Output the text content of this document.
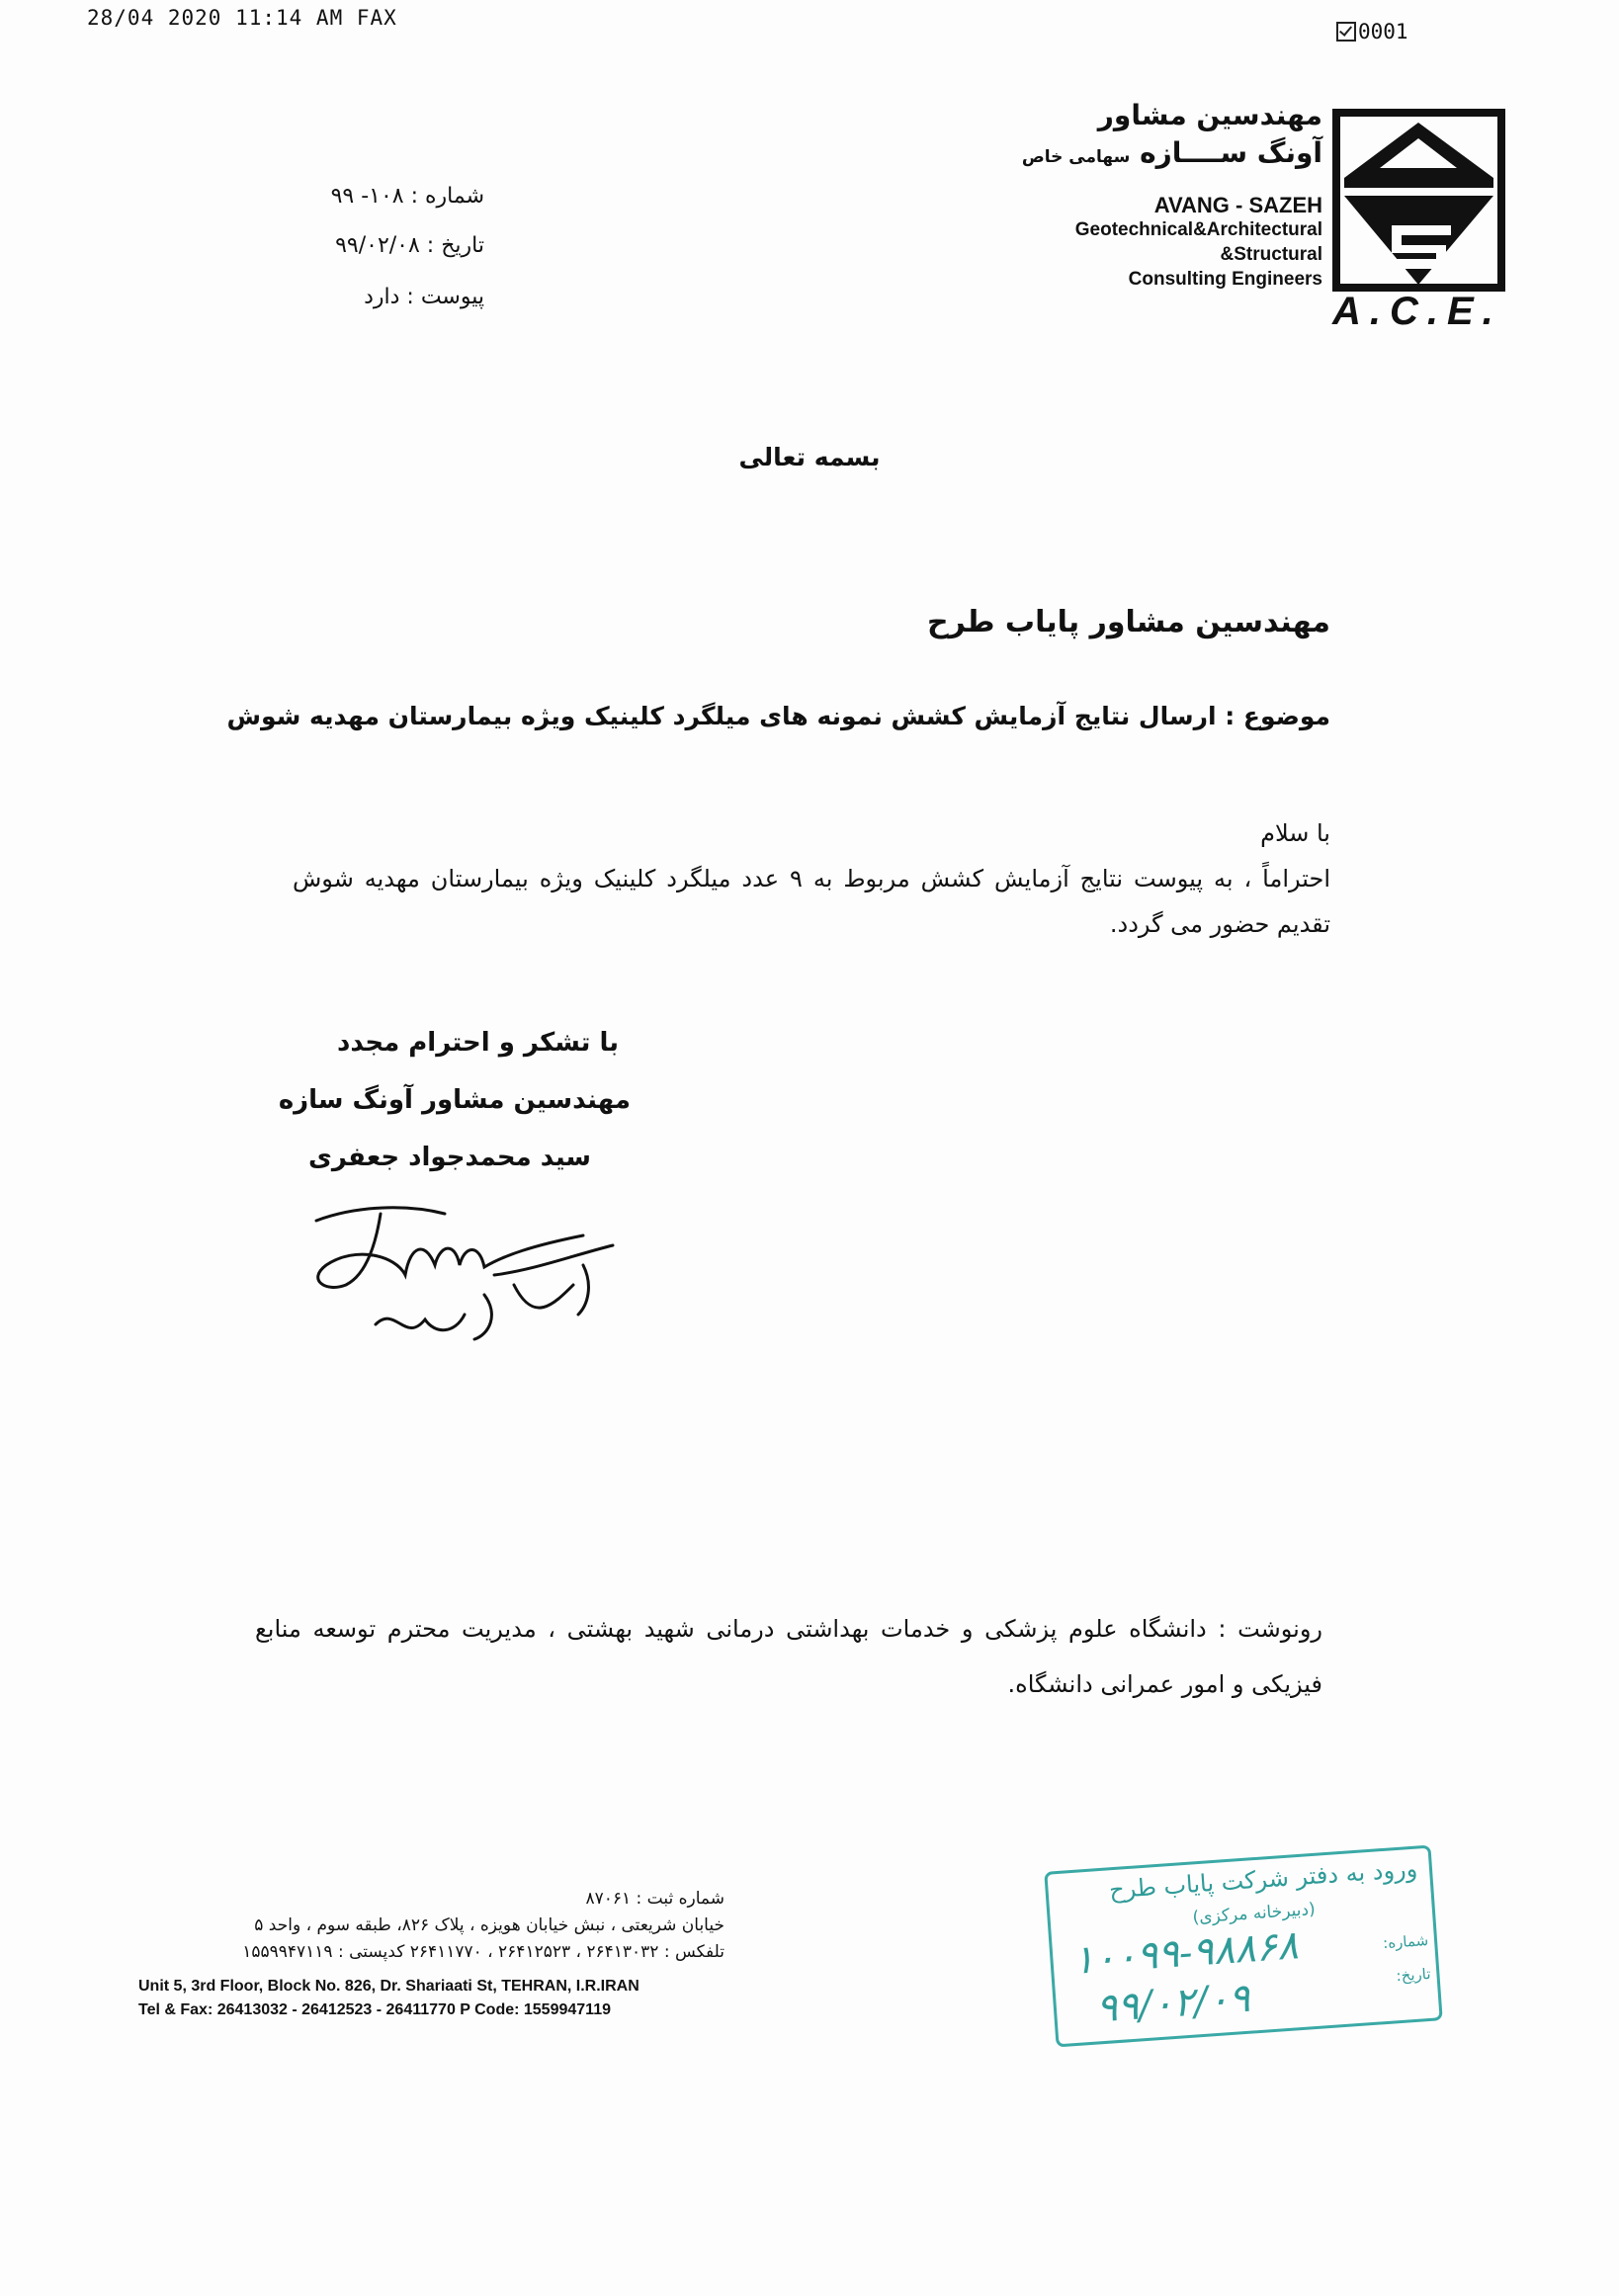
28/04 2020 11:14 AM FAX
0001
مهندسین مشاور
آونگ ســــازه سهامی خاص
AVANG - SAZEH
Geotechnical&Architectural
&Structural
Consulting Engineers
A.C.E.
شماره : ۱۰۸- ۹۹
تاریخ : ۹۹/۰۲/۰۸
پیوست : دارد
بسمه تعالی
مهندسین مشاور پایاب طرح
موضوع : ارسال نتایج آزمایش کشش نمونه های میلگرد کلینیک ویژه بیمارستان مهدیه شوش
با سلام
احتراماً ، به پیوست نتایج آزمایش کشش مربوط به ۹ عدد میلگرد کلینیک ویژه بیمارستان مهدیه شوش تقدیم حضور می گردد.
با تشکر و احترام مجدد
مهندسین مشاور آونگ سازه
سید محمدجواد جعفری
رونوشت : دانشگاه علوم پزشکی و خدمات بهداشتی درمانی شهید بهشتی ، مدیریت محترم توسعه منابع فیزیکی و امور عمرانی دانشگاه.
شماره ثبت : ۸۷۰۶۱
خیابان شریعتی ، نبش خیابان هویزه ، پلاک ۸۲۶، طبقه سوم ، واحد ۵
تلفکس : ۲۶۴۱۳۰۳۲ ، ۲۶۴۱۲۵۲۳ ، ۲۶۴۱۱۷۷۰ کدپستی : ۱۵۵۹۹۴۷۱۱۹
Unit 5, 3rd Floor, Block No. 826, Dr. Shariaati St, TEHRAN, I.R.IRAN
Tel & Fax: 26413032 - 26412523 - 26411770 P Code: 1559947119
ورود به دفتر شرکت پایاب طرح
(دبیرخانه مرکزی)
شماره:
تاریخ:
۱۰۰۹۹-۹۸۸۶۸
۹۹/۰۲/۰۹
